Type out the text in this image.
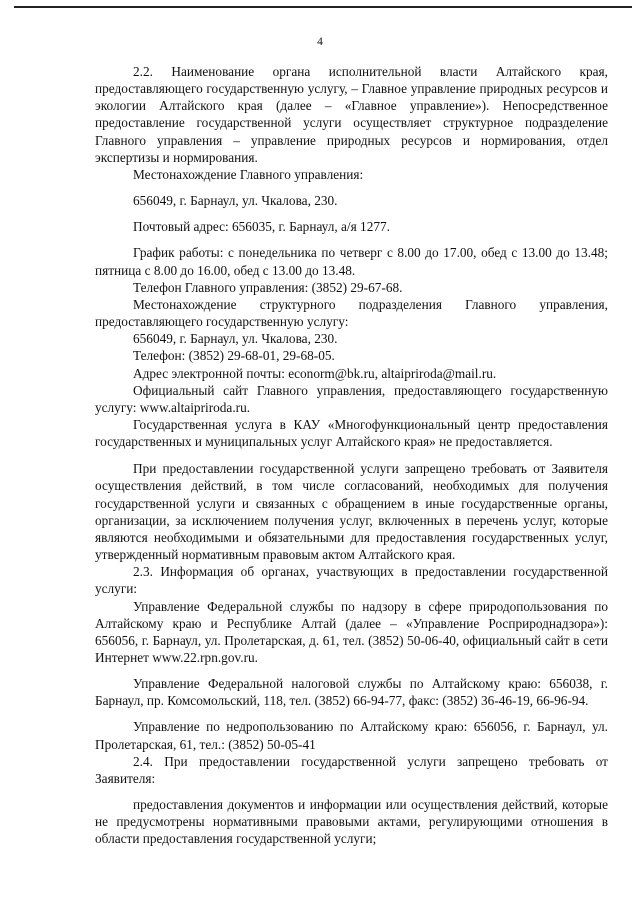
4

2.2. Наименование органа исполнительной власти Алтайского края, предоставляющего государственную услугу, – Главное управление природных ресурсов и экологии Алтайского края (далее – «Главное управление»). Непосредственное предоставление государственной услуги осуществляет структурное подразделение Главного управления – управление природных ресурсов и нормирования, отдел экспертизы и нормирования.

Местонахождение Главного управления:

656049, г. Барнаул, ул. Чкалова, 230.

Почтовый адрес: 656035, г. Барнаул, а/я 1277.

График работы: с понедельника по четверг с 8.00 до 17.00, обед с 13.00 до 13.48; пятница с 8.00 до 16.00, обед с 13.00 до 13.48.

Телефон Главного управления: (3852) 29-67-68.

Местонахождение структурного подразделения Главного управления, предоставляющего государственную услугу:

656049, г. Барнаул, ул. Чкалова, 230.

Телефон: (3852) 29-68-01, 29-68-05.

Адрес электронной почты: econorm@bk.ru, altaipriroda@mail.ru.

Официальный сайт Главного управления, предоставляющего государственную услугу: www.altaipriroda.ru.

Государственная услуга в КАУ «Многофункциональный центр предоставления государственных и муниципальных услуг Алтайского края» не предоставляется.

При предоставлении государственной услуги запрещено требовать от Заявителя осуществления действий, в том числе согласований, необходимых для получения государственной услуги и связанных с обращением в иные государственные органы, организации, за исключением получения услуг, включенных в перечень услуг, которые являются необходимыми и обязательными для предоставления государственных услуг, утвержденный нормативным правовым актом Алтайского края.

2.3. Информация об органах, участвующих в предоставлении государственной услуги:

Управление Федеральной службы по надзору в сфере природопользования по Алтайскому краю и Республике Алтай (далее – «Управление Росприроднадзора»): 656056, г. Барнаул, ул. Пролетарская, д. 61, тел. (3852) 50-06-40, официальный сайт в сети Интернет www.22.rpn.gov.ru.

Управление Федеральной налоговой службы по Алтайскому краю: 656038, г. Барнаул, пр. Комсомольский, 118, тел. (3852) 66-94-77, факс: (3852) 36-46-19, 66-96-94.

Управление по недропользованию по Алтайскому краю: 656056, г. Барнаул, ул. Пролетарская, 61, тел.: (3852) 50-05-41

2.4. При предоставлении государственной услуги запрещено требовать от Заявителя:

предоставления документов и информации или осуществления действий, которые не предусмотрены нормативными правовыми актами, регулирующими отношения в области предоставления государственной услуги;
